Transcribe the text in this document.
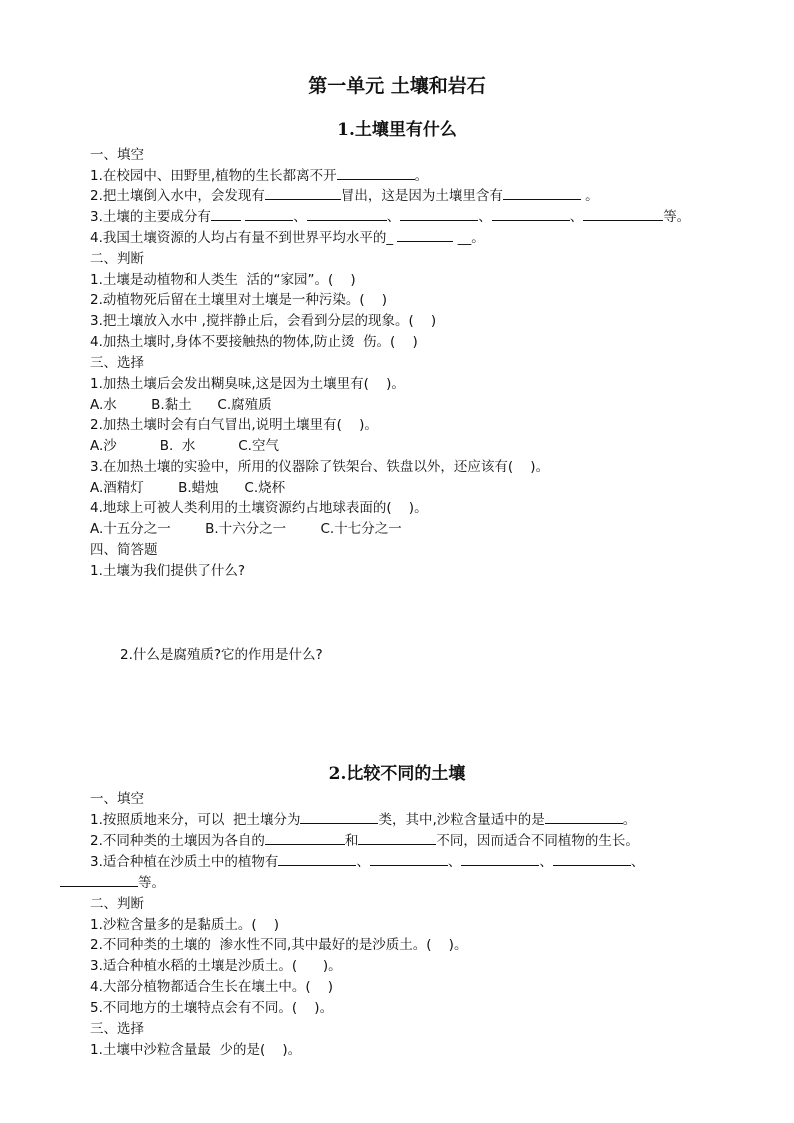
第一单元 土壤和岩石
1.土壤里有什么
一、填空
1.在校园中、田野里,植物的生长都离不开	。
2.把土壤倒入水中，会发现有	冒出，这是因为土壤里含有	。
3.土壤的主要成分有	、	、	、	、	等。
4.我国土壤资源的人均占有量不到世界平均水平的_	__。
二、判断
1.土壤是动植物和人类生  活的“家园”。(    )
2.动植物死后留在土壤里对土壤是一种污染。(    )
3.把土壤放入水中 ,搅拌静止后，会看到分层的现象。(    )
4.加热土壤时,身体不要接触热的物体,防止烫  伤。(    )
三、选择
1.加热土壤后会发出糊臭味,这是因为土壤里有(    )。
A.水        B.黏土      C.腐殖质
2.加热土壤时会有白气冒出,说明土壤里有(    )。
A.沙          B.  水          C.空气
3.在加热土壤的实验中，所用的仪器除了铁架台、铁盘以外，还应该有(    )。
A.酒精灯        B.蜡烛      C.烧杯
4.地球上可被人类利用的土壤资源约占地球表面的(    )。
A.十五分之一        B.十六分之一        C.十七分之一
四、简答题
1.土壤为我们提供了什么?
2.什么是腐殖质?它的作用是什么?
2.比较不同的土壤
一、填空
1.按照质地来分，可以  把土壤分为	类，其中,沙粒含量适中的是	。
2.不同种类的土壤因为各自的	和	不同，因而适合不同植物的生长。
3.适合种植在沙质土中的植物有	、	、	、	、
等。
二、判断
1.沙粒含量多的是黏质土。(    )
2.不同种类的土壤的  渗水性不同,其中最好的是沙质土。(    )。
3.适合种植水稻的土壤是沙质土。(      )。
4.大部分植物都适合生长在壤土中。(    )
5.不同地方的土壤特点会有不同。(    )。
三、选择
1.土壤中沙粒含量最  少的是(    )。
